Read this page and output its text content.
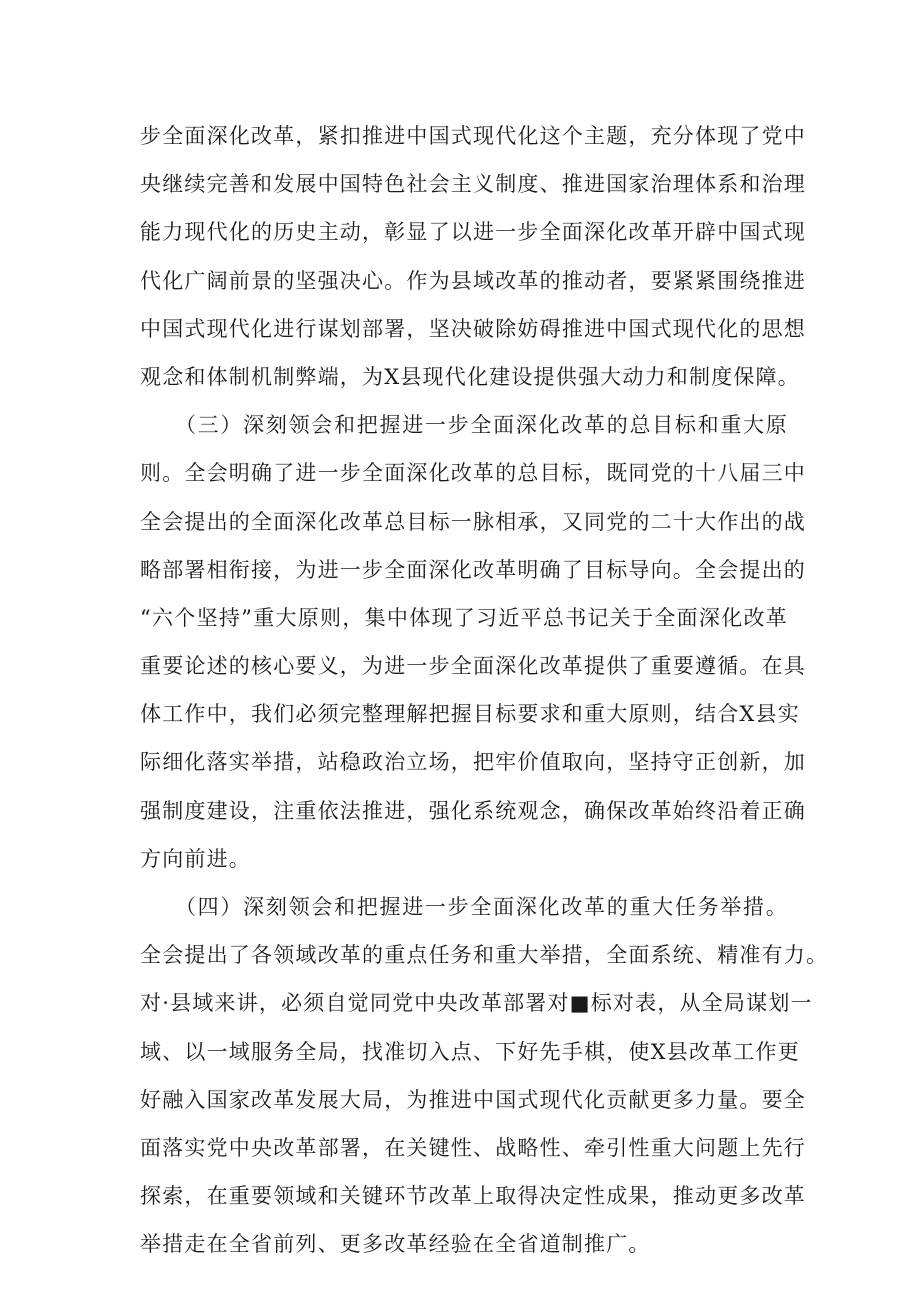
步全面深化改革，紧扣推进中国式现代化这个主题，充分体现了党中
央继续完善和发展中国特色社会主义制度、推进国家治理体系和治理
能力现代化的历史主动，彰显了以进一步全面深化改革开辟中国式现
代化广阔前景的坚强决心。作为县域改革的推动者，要紧紧围绕推进
中国式现代化进行谋划部署，坚决破除妨碍推进中国式现代化的思想
观念和体制机制弊端，为X县现代化建设提供强大动力和制度保障。
　　（三）深刻领会和把握进一步全面深化改革的总目标和重大原
则。全会明确了进一步全面深化改革的总目标，既同党的十八届三中
全会提出的全面深化改革总目标一脉相承，又同党的二十大作出的战
略部署相衔接，为进一步全面深化改革明确了目标导向。全会提出的
“六个坚持”重大原则，集中体现了习近平总书记关于全面深化改革
重要论述的核心要义，为进一步全面深化改革提供了重要遵循。在具
体工作中，我们必须完整理解把握目标要求和重大原则，结合X县实
际细化落实举措，站稳政治立场，把牢价值取向，坚持守正创新，加
强制度建设，注重依法推进，强化系统观念，确保改革始终沿着正确
方向前进。
　　（四）深刻领会和把握进一步全面深化改革的重大任务举措。
全会提出了各领域改革的重点任务和重大举措，全面系统、精准有力。
对·县域来讲，必须自觉同党中央改革部署对■标对表，从全局谋划一
域、以一域服务全局，找准切入点、下好先手棋，使X县改革工作更
好融入国家改革发展大局，为推进中国式现代化贡献更多力量。要全
面落实党中央改革部署，在关键性、战略性、牵引性重大问题上先行
探索，在重要领域和关键环节改革上取得决定性成果，推动更多改革
举措走在全省前列、更多改革经验在全省道制推广。
